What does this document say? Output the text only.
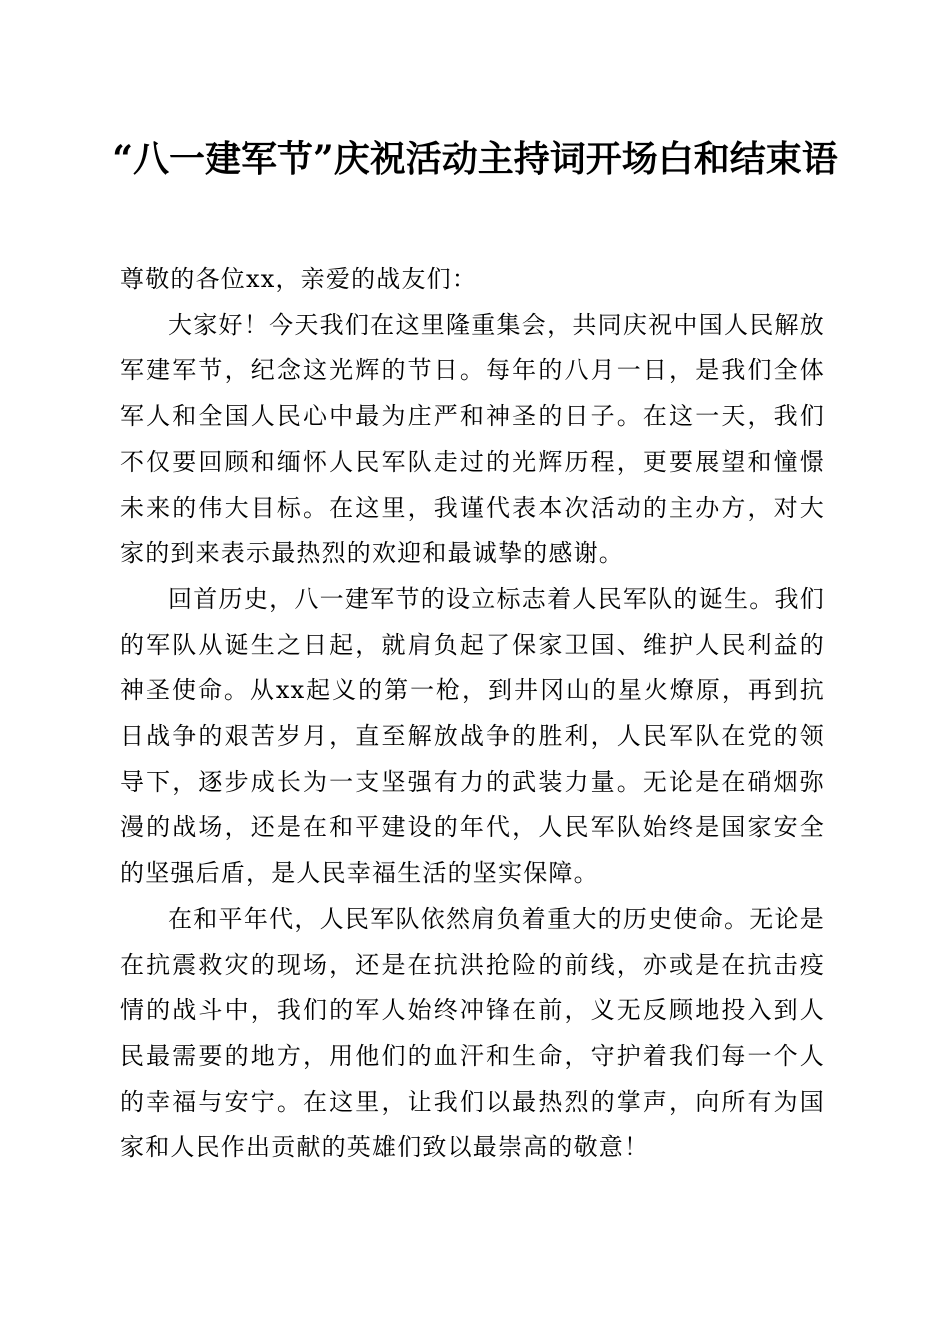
“八一建军节”庆祝活动主持词开场白和结束语

尊敬的各位xx，亲爱的战友们：

大家好！今天我们在这里隆重集会，共同庆祝中国人民解放军建军节，纪念这光辉的节日。每年的八月一日，是我们全体军人和全国人民心中最为庄严和神圣的日子。在这一天，我们不仅要回顾和缅怀人民军队走过的光辉历程，更要展望和憧憬未来的伟大目标。在这里，我谨代表本次活动的主办方，对大家的到来表示最热烈的欢迎和最诚挚的感谢。

回首历史，八一建军节的设立标志着人民军队的诞生。我们的军队从诞生之日起，就肩负起了保家卫国、维护人民利益的神圣使命。从xx起义的第一枪，到井冈山的星火燎原，再到抗日战争的艰苦岁月，直至解放战争的胜利，人民军队在党的领导下，逐步成长为一支坚强有力的武装力量。无论是在硝烟弥漫的战场，还是在和平建设的年代，人民军队始终是国家安全的坚强后盾，是人民幸福生活的坚实保障。

在和平年代，人民军队依然肩负着重大的历史使命。无论是在抗震救灾的现场，还是在抗洪抢险的前线，亦或是在抗击疫情的战斗中，我们的军人始终冲锋在前，义无反顾地投入到人民最需要的地方，用他们的血汗和生命，守护着我们每一个人的幸福与安宁。在这里，让我们以最热烈的掌声，向所有为国家和人民作出贡献的英雄们致以最崇高的敬意！
